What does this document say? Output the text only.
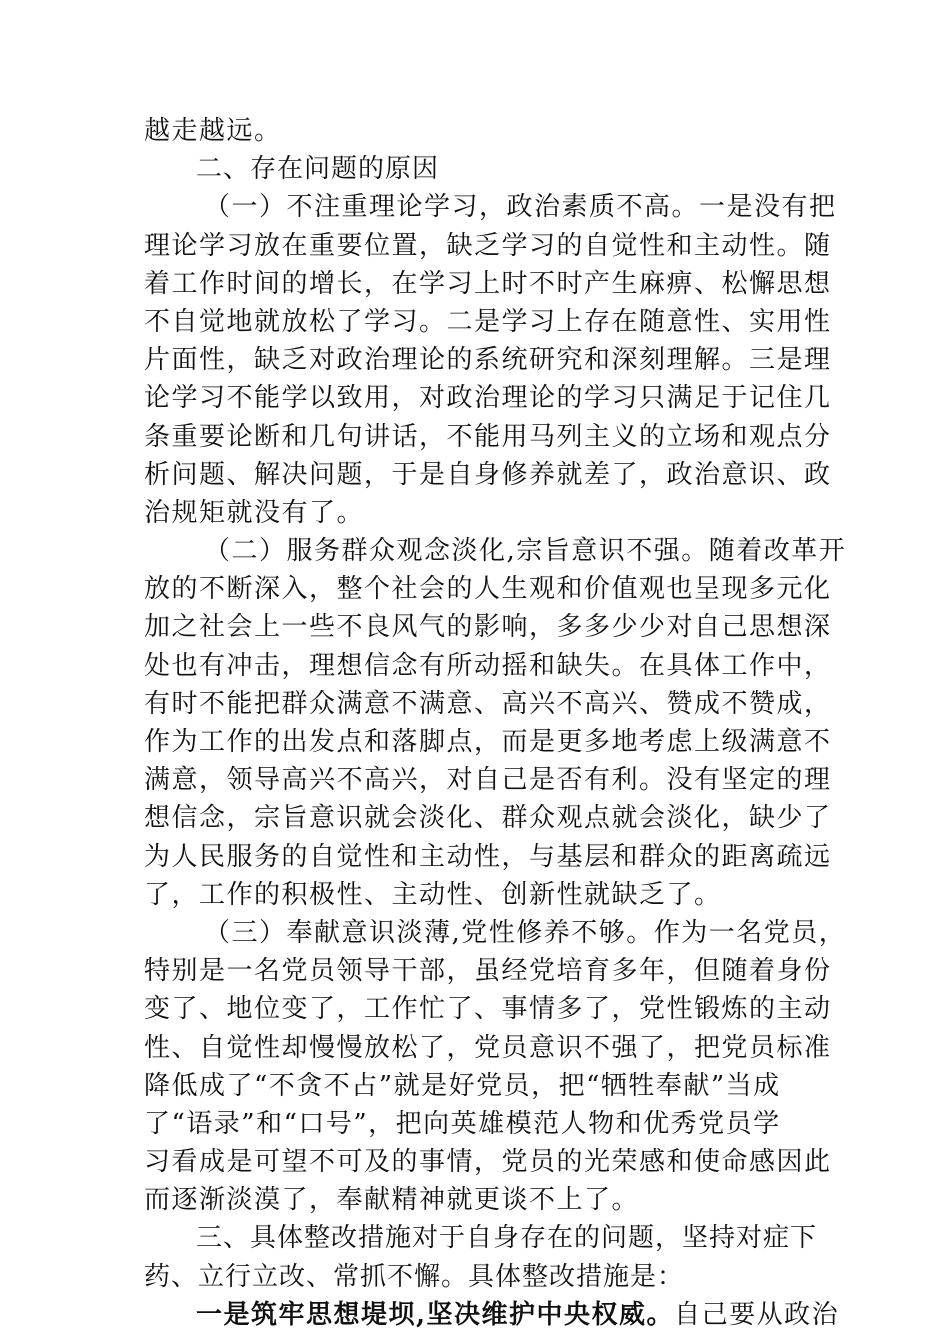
越走越远。
二、存在问题的原因
（一）不注重理论学习，政治素质不高。一是没有把
理论学习放在重要位置，缺乏学习的自觉性和主动性。随
着工作时间的增长，在学习上时不时产生麻痹、松懈思想
不自觉地就放松了学习。二是学习上存在随意性、实用性
片面性，缺乏对政治理论的系统研究和深刻理解。三是理
论学习不能学以致用，对政治理论的学习只满足于记住几
条重要论断和几句讲话，不能用马列主义的立场和观点分
析问题、解决问题，于是自身修养就差了，政治意识、政
治规矩就没有了。
（二）服务群众观念淡化,宗旨意识不强。随着改革开
放的不断深入，整个社会的人生观和价值观也呈现多元化
加之社会上一些不良风气的影响，多多少少对自己思想深
处也有冲击，理想信念有所动摇和缺失。在具体工作中，
有时不能把群众满意不满意、高兴不高兴、赞成不赞成，
作为工作的出发点和落脚点，而是更多地考虑上级满意不
满意，领导高兴不高兴，对自己是否有利。没有坚定的理
想信念，宗旨意识就会淡化、群众观点就会淡化，缺少了
为人民服务的自觉性和主动性，与基层和群众的距离疏远
了，工作的积极性、主动性、创新性就缺乏了。
（三）奉献意识淡薄,党性修养不够。作为一名党员，
特别是一名党员领导干部，虽经党培育多年，但随着身份
变了、地位变了，工作忙了、事情多了，党性锻炼的主动
性、自觉性却慢慢放松了，党员意识不强了，把党员标准
降低成了“不贪不占”就是好党员，把“牺牲奉献”当成
了“语录”和“口号”，把向英雄模范人物和优秀党员学
习看成是可望不可及的事情，党员的光荣感和使命感因此
而逐渐淡漠了，奉献精神就更谈不上了。
三、具体整改措施对于自身存在的问题，坚持对症下
药、立行立改、常抓不懈。具体整改措施是：
一是筑牢思想堤坝,坚决维护中央权威。自己要从政治
